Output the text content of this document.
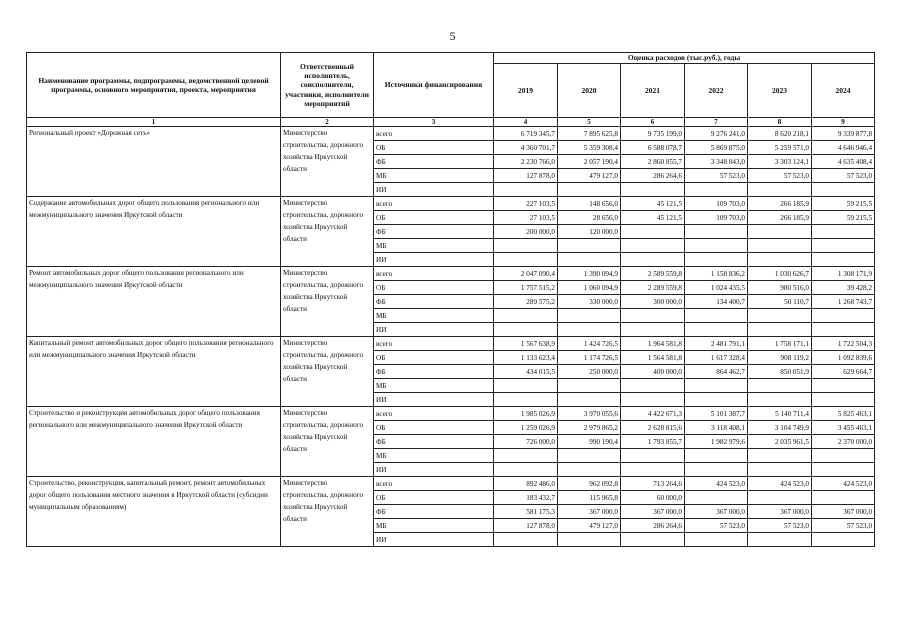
5
Наименование программы, подпрограммы, ведомственной целевой программы, основного мероприятия, проекта, мероприятия	Ответственный исполнитель, соисполнители, участники, исполнители мероприятий	Источники финансирования	Оценка расходов (тыс.руб.), годы					
			2019	2020	2021	2022	2023	2024
1	2	3	4	5	6	7	8	9
Региональный проект «Дорожная сеть»	Министерство строительства, дорожного хозяйства Иркутской области	всего	6 719 345,7	7 895 625,8	9 735 199,0	9 276 241,0	8 620 218,1	9 339 877,8
		ОБ	4 360 701,7	5 359 308,4	6 588 078,7	5 869 875,0	5 259 571,0	4 646 946,4
		ФБ	2 230 766,0	2 057 190,4	2 860 855,7	3 348 843,0	3 303 124,1	4 635 408,4
		МБ	127 878,0	479 127,0	286 264,6	57 523,0	57 523,0	57 523,0
		ИИ						
Содержание автомобильных дорог общего пользования регионального или межмуниципального значения Иркутской области	Министерство строительства, дорожного хозяйства Иркутской области	всего	227 103,5	148 656,0	45 121,5	109 703,0	266 185,9	59 215,5
		ОБ	27 103,5	28 656,0	45 121,5	109 703,0	266 185,9	59 215,5
		ФБ	200 000,0	120 000,0				
		МБ						
		ИИ						
Ремонт автомобильных дорог общего пользования регионального или межмуниципального значения Иркутской области	Министерство строительства, дорожного хозяйства Иркутской области	всего	2 047 090,4	1 390 094,9	2 589 559,8	1 158 836,2	1 030 626,7	1 308 171,9
		ОБ	1 757 515,2	1 060 094,9	2 289 559,8	1 024 435,5	980 516,0	39 428,2
		ФБ	289 575,2	330 000,0	300 000,0	134 400,7	50 110,7	1 268 743,7
		МБ						
		ИИ						
Капитальный ремонт автомобильных дорог общего пользования регионального или межмуниципального значения Иркутской области	Министерство строительства, дорожного хозяйства Иркутской области	всего	1 567 638,9	1 424 726,5	1 964 581,8	2 481 791,1	1 758 171,1	1 722 504,3
		ОБ	1 133 623,4	1 174 726,5	1 564 581,8	1 617 328,4	908 119,2	1 092 839,6
		ФБ	434 015,5	250 000,0	400 000,0	864 462,7	850 051,9	629 664,7
		МБ						
		ИИ						
Строительство и реконструкция автомобильных дорог общего пользования регионального или межмуниципального значения Иркутской области	Министерство строительства, дорожного хозяйства Иркутской области	всего	1 985 026,9	3 970 055,6	4 422 671,3	5 101 387,7	5 140 711,4	5 825 463,1
		ОБ	1 259 026,9	2 979 865,2	2 628 815,6	3 118 408,1	3 104 749,9	3 455 463,1
		ФБ	726 000,0	990 190,4	1 793 855,7	1 982 979,6	2 035 961,5	2 370 000,0
		МБ						
		ИИ						
Строительство, реконструкция, капитальный ремонт, ремонт автомобильных дорог общего пользования местного значения в Иркутской области (субсидии муниципальным образованиям)	Министерство строительства, дорожного хозяйства Иркутской области	всего	892 486,0	962 092,8	713 264,6	424 523,0	424 523,0	424 523,0
		ОБ	183 432,7	115 965,8	60 000,0			
		ФБ	581 175,3	367 000,0	367 000,0	367 000,0	367 000,0	367 000,0
		МБ	127 878,0	479 127,0	286 264,6	57 523,0	57 523,0	57 523,0
		ИИ						
